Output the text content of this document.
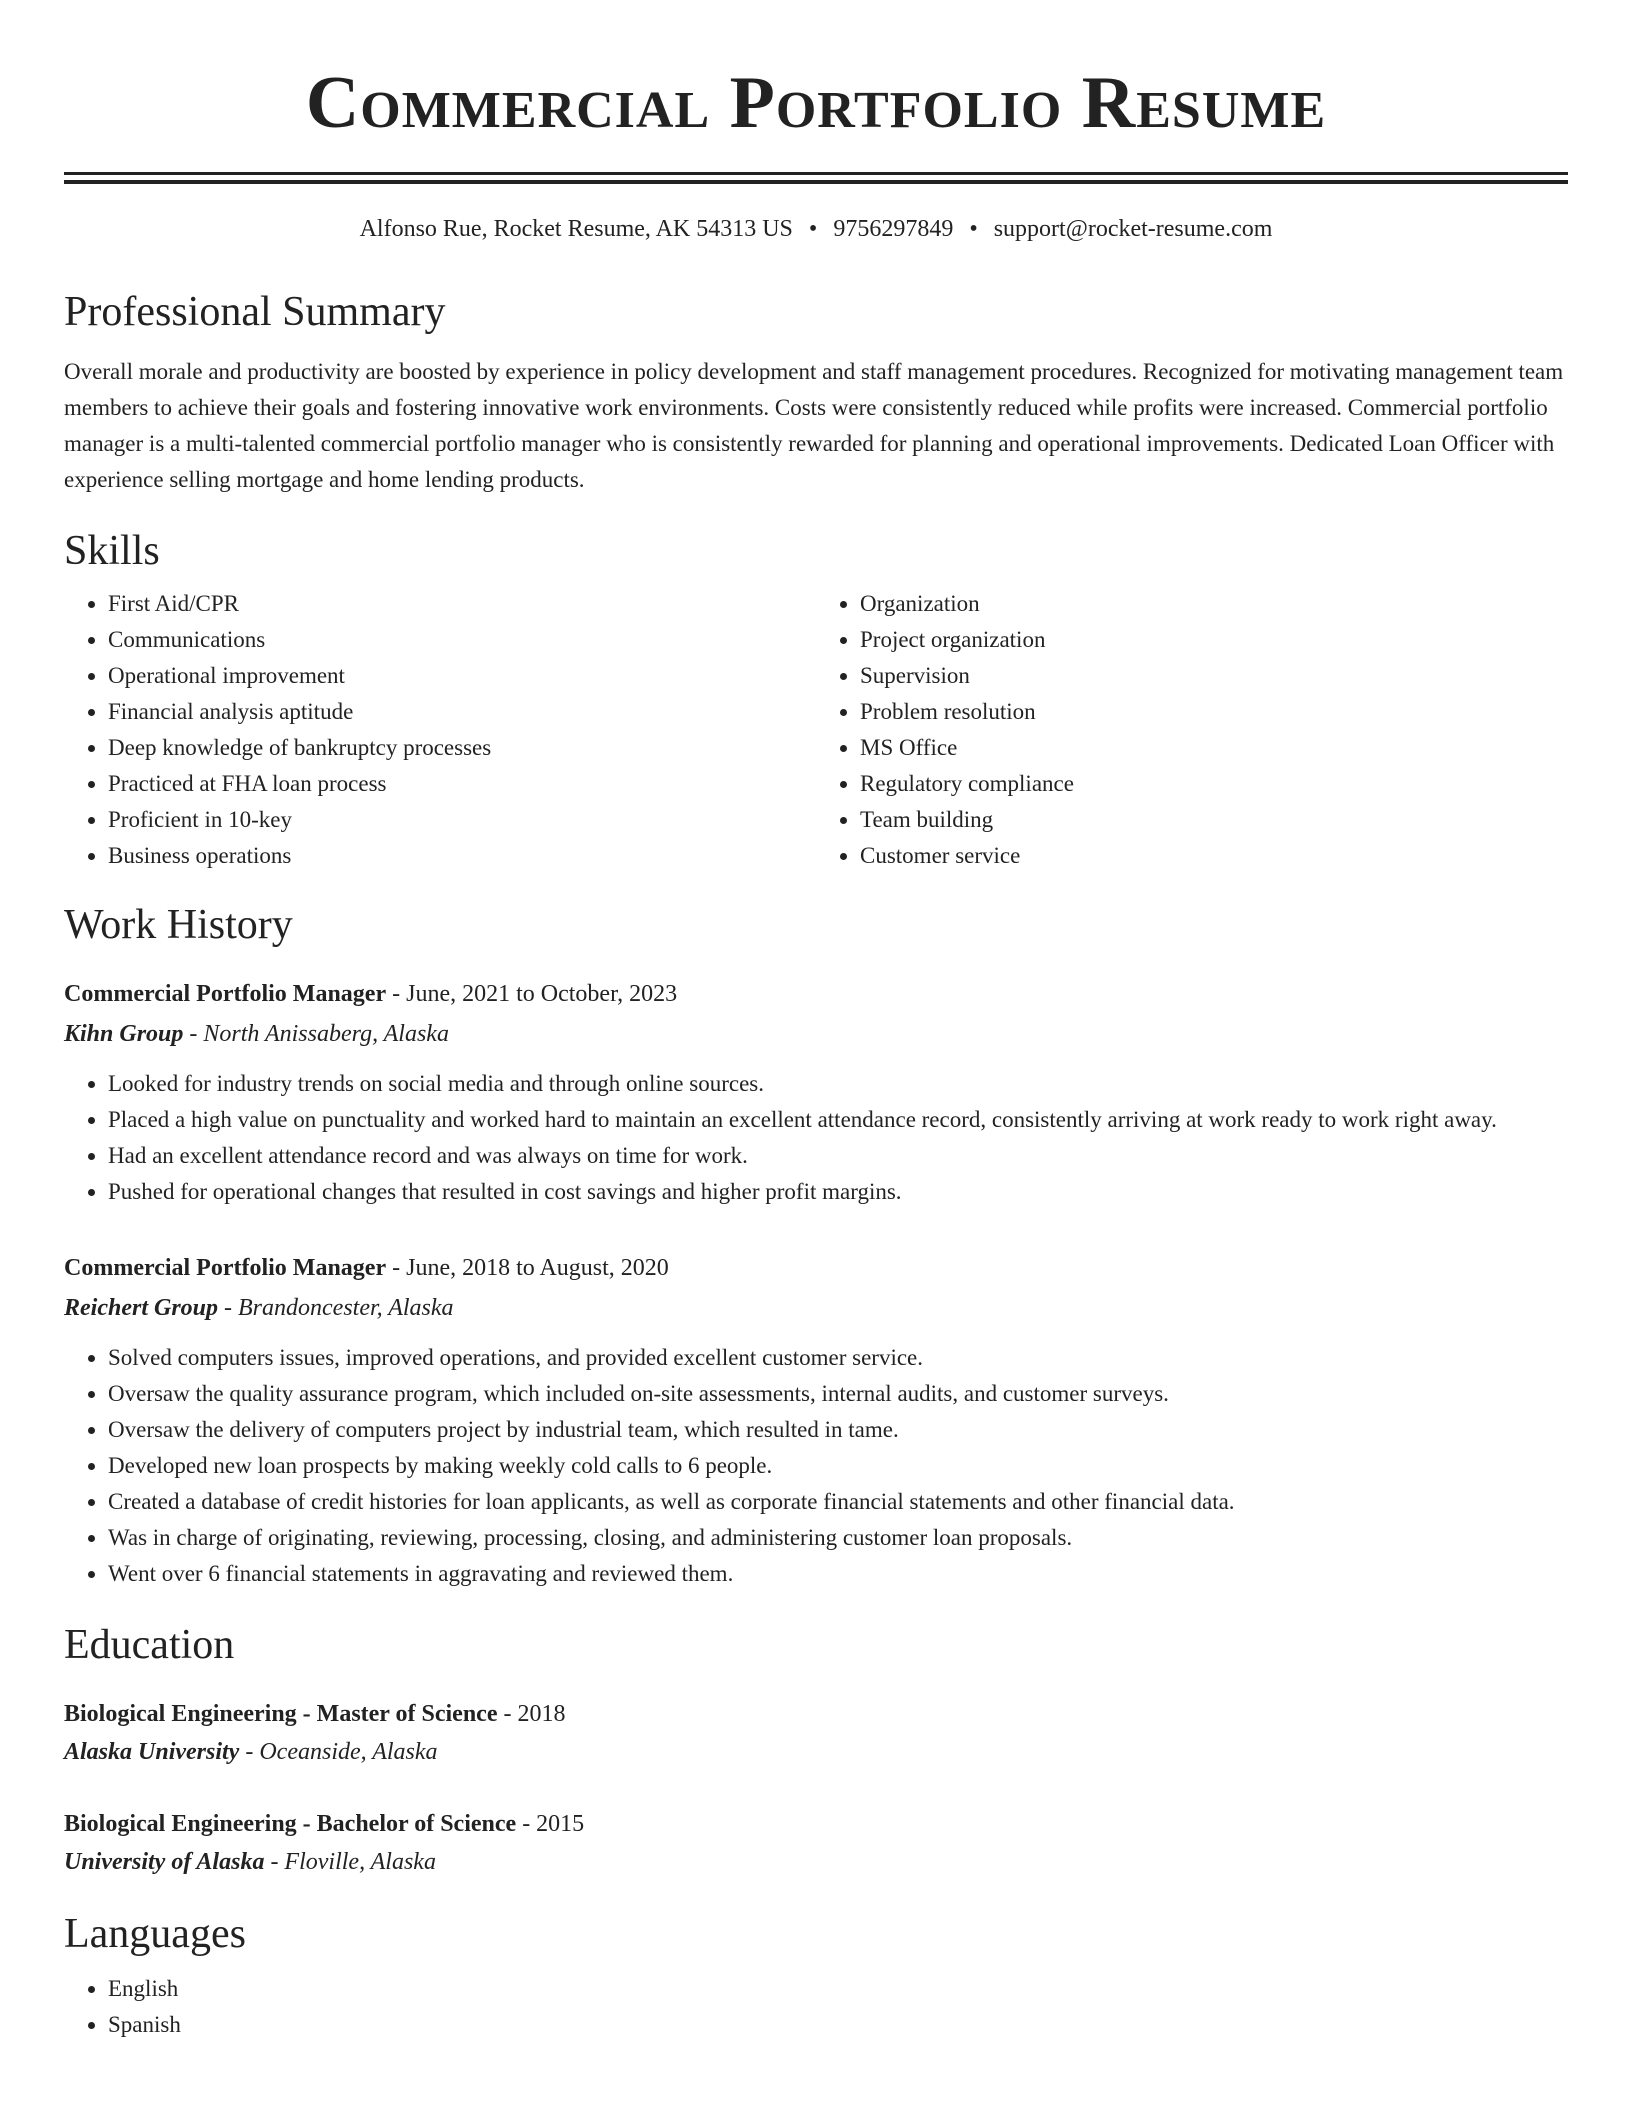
Commercial Portfolio Resume
Alfonso Rue, Rocket Resume, AK 54313 US • 9756297849 • support@rocket-resume.com
Professional Summary
Overall morale and productivity are boosted by experience in policy development and staff management procedures. Recognized for motivating management team members to achieve their goals and fostering innovative work environments. Costs were consistently reduced while profits were increased. Commercial portfolio manager is a multi-talented commercial portfolio manager who is consistently rewarded for planning and operational improvements. Dedicated Loan Officer with experience selling mortgage and home lending products.
Skills
• First Aid/CPR
• Communications
• Operational improvement
• Financial analysis aptitude
• Deep knowledge of bankruptcy processes
• Practiced at FHA loan process
• Proficient in 10-key
• Business operations
• Organization
• Project organization
• Supervision
• Problem resolution
• MS Office
• Regulatory compliance
• Team building
• Customer service
Work History
Commercial Portfolio Manager - June, 2021 to October, 2023
Kihn Group - North Anissaberg, Alaska
• Looked for industry trends on social media and through online sources.
• Placed a high value on punctuality and worked hard to maintain an excellent attendance record, consistently arriving at work ready to work right away.
• Had an excellent attendance record and was always on time for work.
• Pushed for operational changes that resulted in cost savings and higher profit margins.
Commercial Portfolio Manager - June, 2018 to August, 2020
Reichert Group - Brandoncester, Alaska
• Solved computers issues, improved operations, and provided excellent customer service.
• Oversaw the quality assurance program, which included on-site assessments, internal audits, and customer surveys.
• Oversaw the delivery of computers project by industrial team, which resulted in tame.
• Developed new loan prospects by making weekly cold calls to 6 people.
• Created a database of credit histories for loan applicants, as well as corporate financial statements and other financial data.
• Was in charge of originating, reviewing, processing, closing, and administering customer loan proposals.
• Went over 6 financial statements in aggravating and reviewed them.
Education
Biological Engineering - Master of Science - 2018
Alaska University - Oceanside, Alaska
Biological Engineering - Bachelor of Science - 2015
University of Alaska - Floville, Alaska
Languages
• English
• Spanish
